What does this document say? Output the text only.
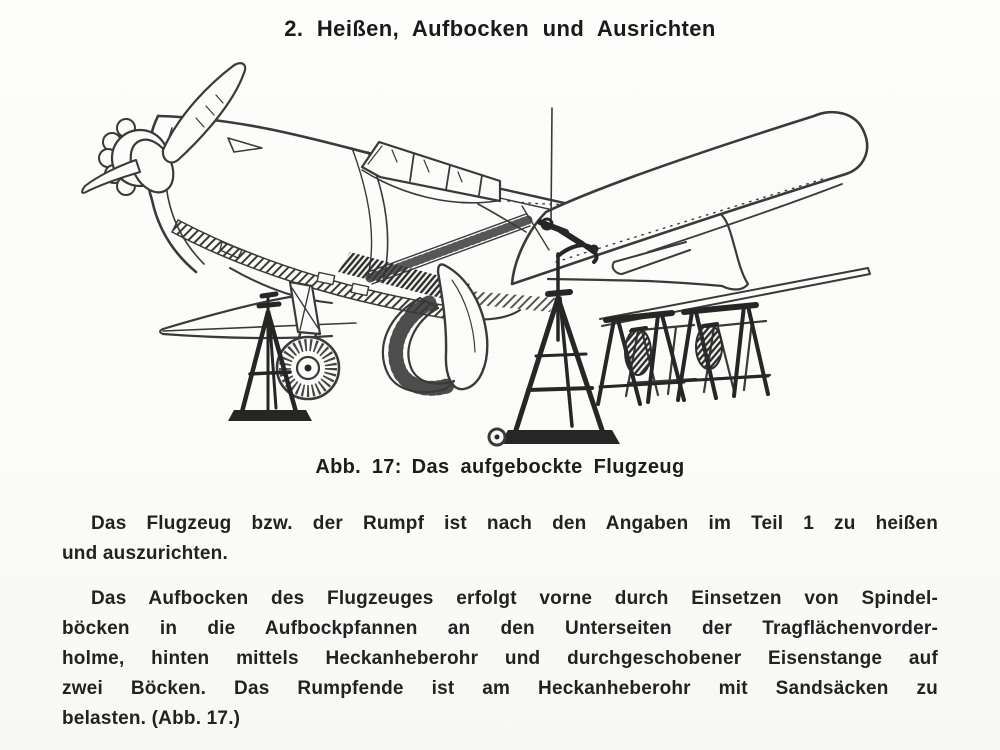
2. Heißen, Aufbocken und Ausrichten
Abb. 17: Das aufgebockte Flugzeug
Das Flugzeug bzw. der Rumpf ist nach den Angaben im Teil 1 zu heißen
und auszurichten.
Das Aufbocken des Flugzeuges erfolgt vorne durch Einsetzen von Spindel-
böcken in die Aufbockpfannen an den Unterseiten der Tragflächenvorder-
holme, hinten mittels Heckanheberohr und durchgeschobener Eisenstange auf
zwei Böcken. Das Rumpfende ist am Heckanheberohr mit Sandsäcken zu
belasten. (Abb. 17.)
